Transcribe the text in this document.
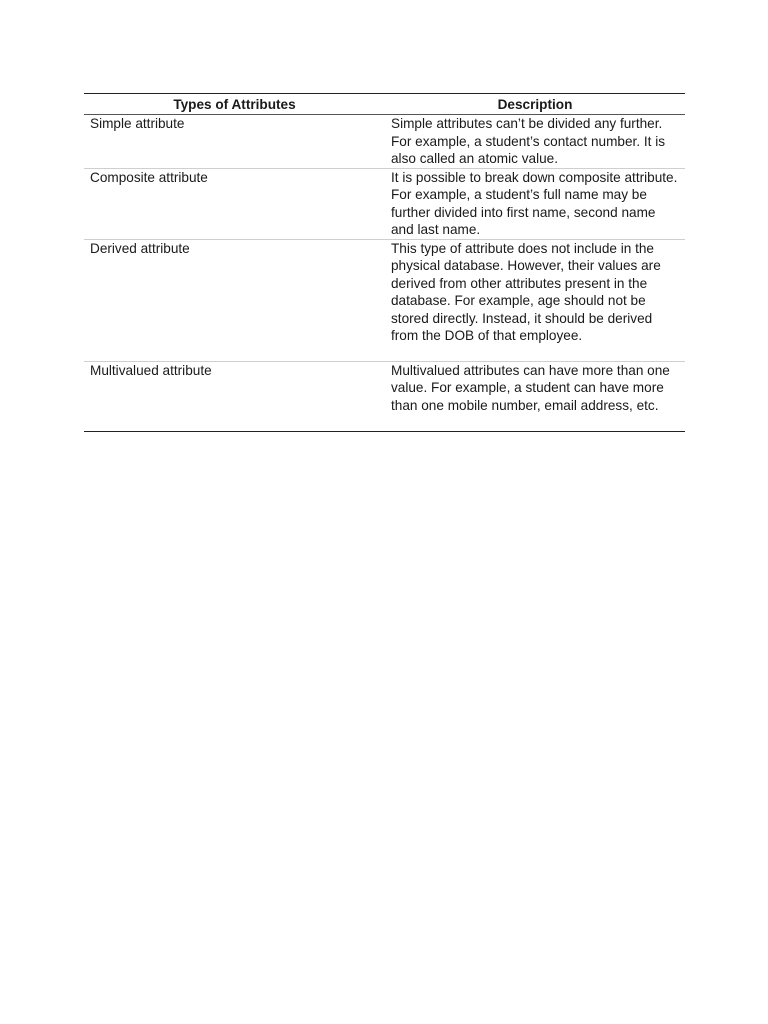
Types of Attributes	Description
Simple attribute	Simple attributes can’t be divided any further. For example, a student’s contact number. It is also called an atomic value.
Composite attribute	It is possible to break down composite attribute. For example, a student’s full name may be further divided into first name, second name and last name.
Derived attribute	This type of attribute does not include in the physical database. However, their values are derived from other attributes present in the database. For example, age should not be stored directly. Instead, it should be derived from the DOB of that employee.
Multivalued attribute	Multivalued attributes can have more than one value. For example, a student can have more than one mobile number, email address, etc.
